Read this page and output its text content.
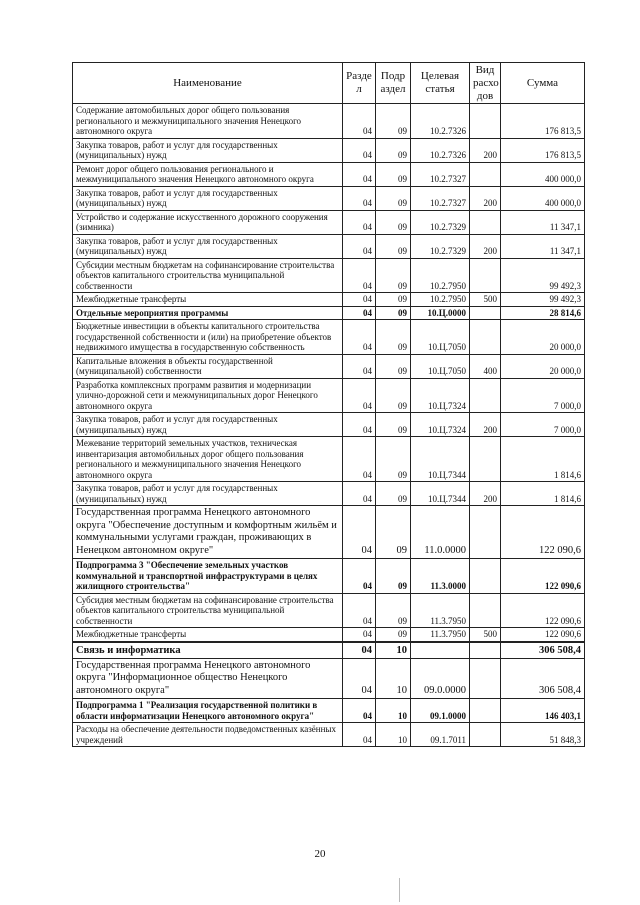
Наименование	Разде л	Подр аздел	Целевая статья	Вид расхо дов	Сумма
Содержание автомобильных дорог общего пользования регионального и межмуниципального значения Ненецкого автономного округа	04	09	10.2.7326		176 813,5
Закупка товаров, работ и услуг для государственных (муниципальных) нужд	04	09	10.2.7326	200	176 813,5
Ремонт дорог общего пользования регионального и межмуниципального значения Ненецкого автономного округа	04	09	10.2.7327		400 000,0
Закупка товаров, работ и услуг для государственных (муниципальных) нужд	04	09	10.2.7327	200	400 000,0
Устройство и содержание искусственного дорожного сооружения (зимника)	04	09	10.2.7329		11 347,1
Закупка товаров, работ и услуг для государственных (муниципальных) нужд	04	09	10.2.7329	200	11 347,1
Субсидии местным бюджетам на софинансирование строительства объектов капитального строительства муниципальной собственности	04	09	10.2.7950		99 492,3
Межбюджетные трансферты	04	09	10.2.7950	500	99 492,3
Отдельные мероприятия программы	04	09	10.Ц.0000		28 814,6
Бюджетные инвестиции в объекты капитального строительства государственной собственности и (или) на приобретение объектов недвижимого имущества в государственную собственность	04	09	10.Ц.7050		20 000,0
Капитальные вложения в объекты государственной (муниципальной) собственности	04	09	10.Ц.7050	400	20 000,0
Разработка комплексных программ развития и модернизации улично-дорожной сети и межмуниципальных дорог Ненецкого автономного округа	04	09	10.Ц.7324		7 000,0
Закупка товаров, работ и услуг для государственных (муниципальных) нужд	04	09	10.Ц.7324	200	7 000,0
Межевание территорий земельных участков, техническая инвентаризация автомобильных дорог общего пользования регионального и межмуниципального значения Ненецкого автономного округа	04	09	10.Ц.7344		1 814,6
Закупка товаров, работ и услуг для государственных (муниципальных) нужд	04	09	10.Ц.7344	200	1 814,6
Государственная программа Ненецкого автономного округа "Обеспечение доступным и комфортным жильём и коммунальными услугами граждан, проживающих в Ненецком автономном округе"	04	09	11.0.0000		122 090,6
Подпрограмма 3 "Обеспечение земельных участков коммунальной и транспортной инфраструктурами в целях жилищного строительства"	04	09	11.3.0000		122 090,6
Субсидия местным бюджетам на софинансирование строительства объектов капитального строительства муниципальной собственности	04	09	11.3.7950		122 090,6
Межбюджетные трансферты	04	09	11.3.7950	500	122 090,6
Связь и информатика	04	10			306 508,4
Государственная программа Ненецкого автономного округа "Информационное общество Ненецкого автономного округа"	04	10	09.0.0000		306 508,4
Подпрограмма 1 "Реализация государственной политики в области информатизации Ненецкого автономного округа"	04	10	09.1.0000		146 403,1
Расходы на обеспечение деятельности подведомственных казённых учреждений	04	10	09.1.7011		51 848,3
20
